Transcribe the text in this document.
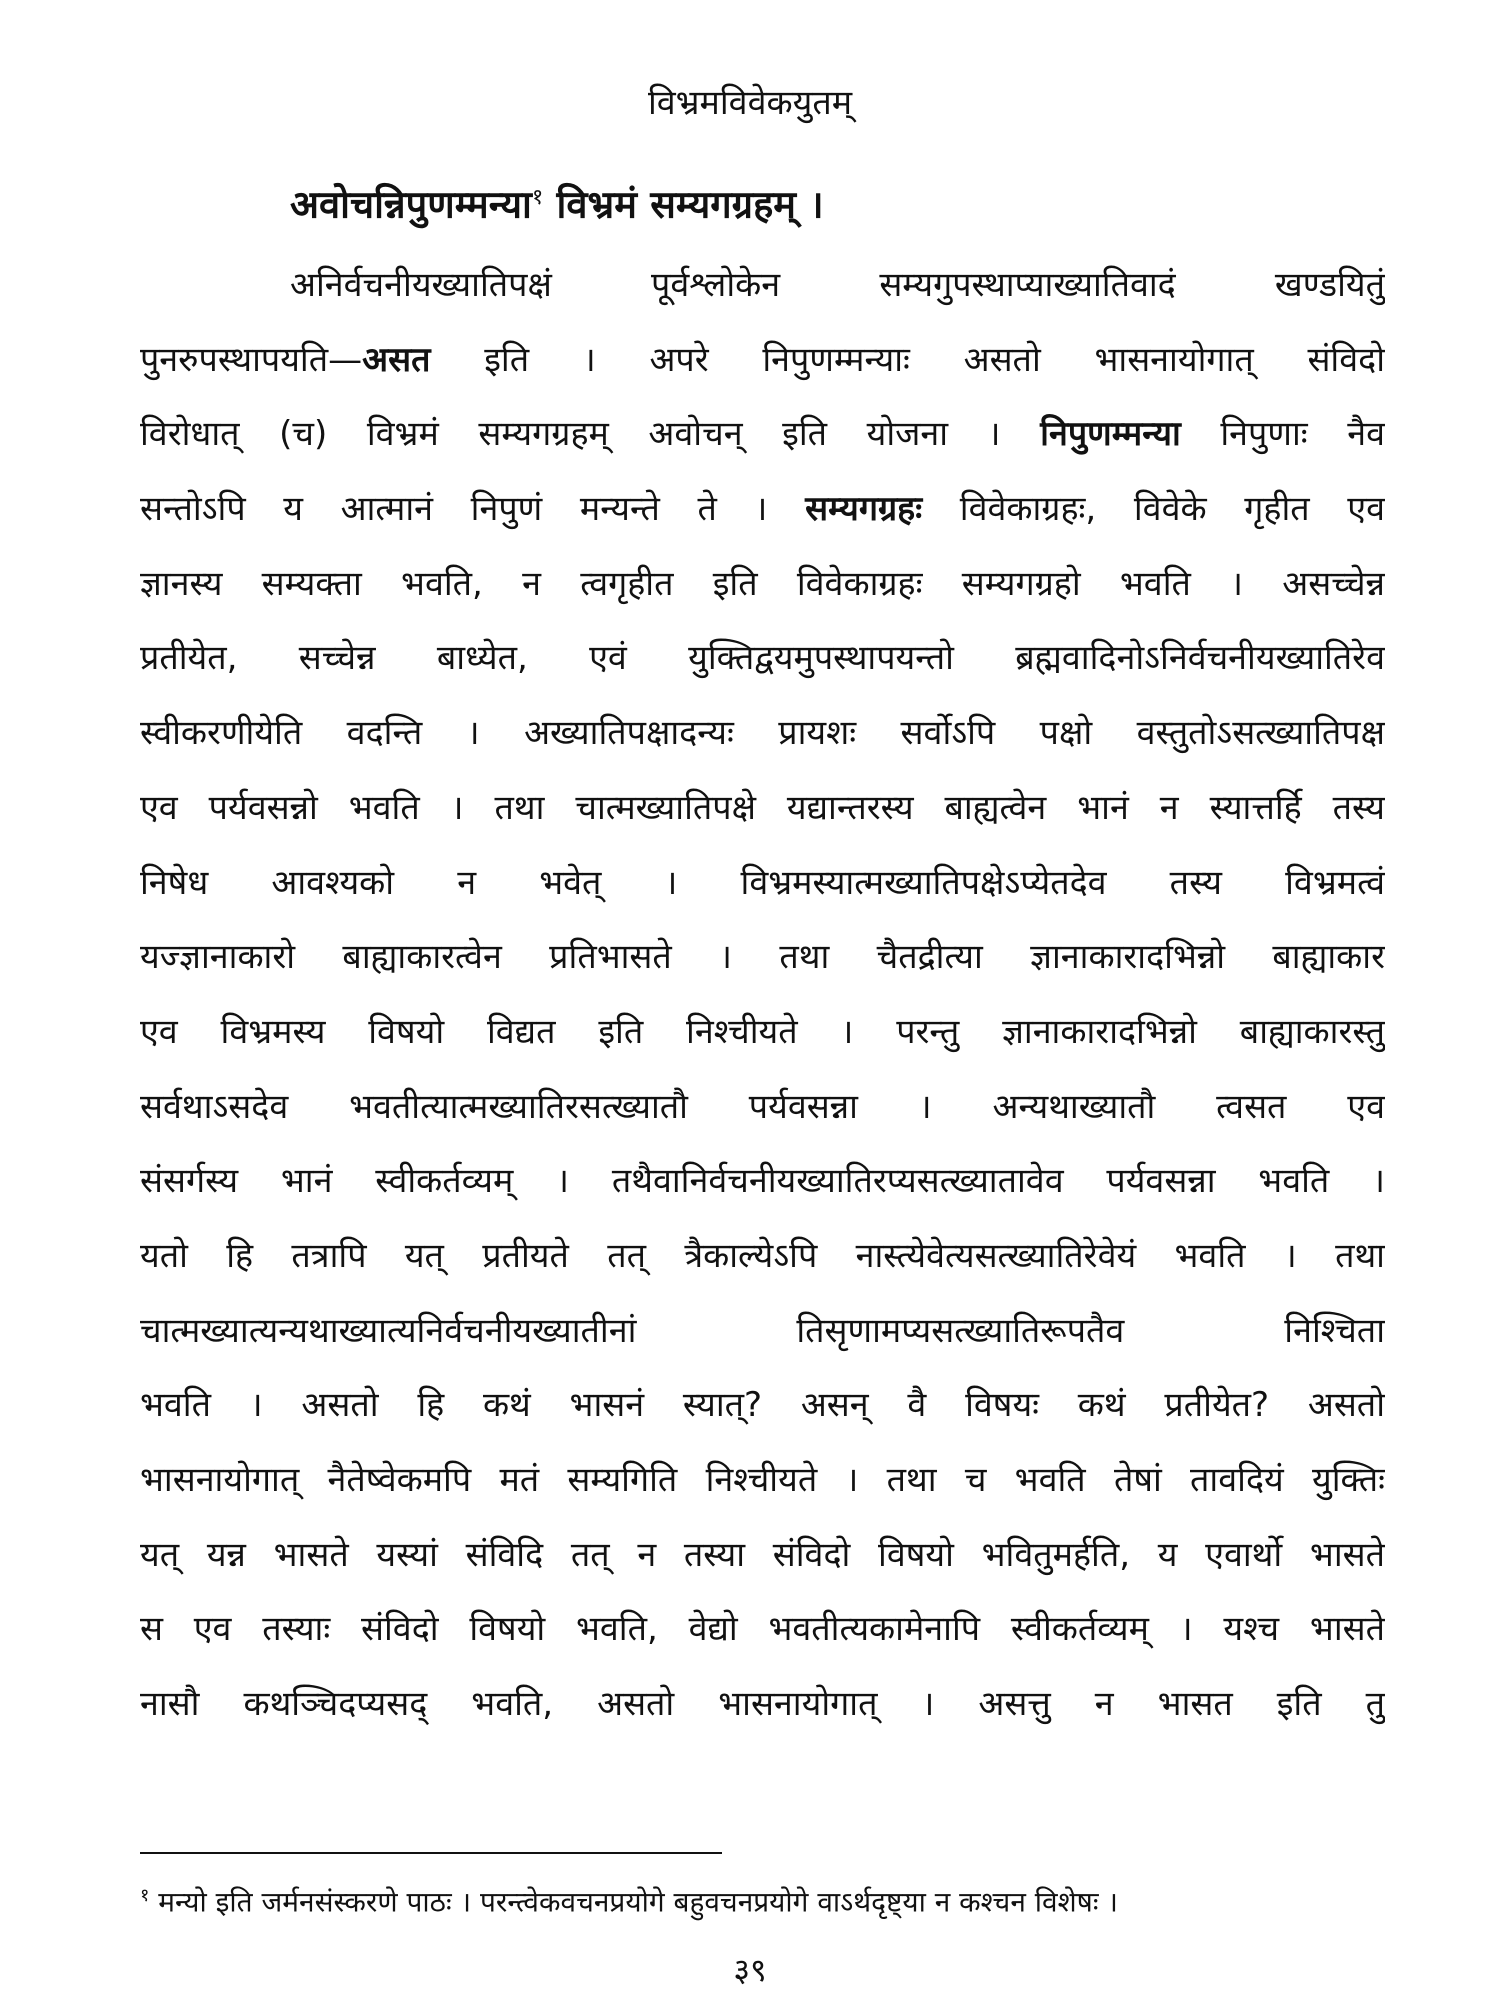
विभ्रमविवेकयुतम्
अवोचन्निपुणम्मन्या$^१$ विभ्रमं सम्यगग्रहम् ।
अनिर्वचनीयख्यातिपक्षं पूर्वश्लोकेन सम्यगुपस्थाप्याख्यातिवादं खण्डयितुं
पुनरुपस्थापयति—असत इति । अपरे निपुणम्मन्याः असतो भासनायोगात् संविदो
विरोधात् (च) विभ्रमं सम्यगग्रहम् अवोचन् इति योजना । निपुणम्मन्या निपुणाः नैव
सन्तोऽपि य आत्मानं निपुणं मन्यन्ते ते । सम्यगग्रहः विवेकाग्रहः, विवेके गृहीत एव
ज्ञानस्य सम्यक्ता भवति, न त्वगृहीत इति विवेकाग्रहः सम्यगग्रहो भवति । असच्चेन्न
प्रतीयेत, सच्चेन्न बाध्येत, एवं युक्तिद्वयमुपस्थापयन्तो ब्रह्मवादिनोऽनिर्वचनीयख्यातिरेव
स्वीकरणीयेति वदन्ति । अख्यातिपक्षादन्यः प्रायशः सर्वोऽपि पक्षो वस्तुतोऽसत्ख्यातिपक्ष
एव पर्यवसन्नो भवति । तथा चात्मख्यातिपक्षे यद्यान्तरस्य बाह्यत्वेन भानं न स्यात्तर्हि तस्य
निषेध आवश्यको न भवेत् । विभ्रमस्यात्मख्यातिपक्षेऽप्येतदेव तस्य विभ्रमत्वं
यज्ज्ञानाकारो बाह्याकारत्वेन प्रतिभासते । तथा चैतद्रीत्या ज्ञानाकारादभिन्नो बाह्याकार
एव विभ्रमस्य विषयो विद्यत इति निश्चीयते । परन्तु ज्ञानाकारादभिन्नो बाह्याकारस्तु
सर्वथाऽसदेव भवतीत्यात्मख्यातिरसत्ख्यातौ पर्यवसन्ना । अन्यथाख्यातौ त्वसत एव
संसर्गस्य भानं स्वीकर्तव्यम् । तथैवानिर्वचनीयख्यातिरप्यसत्ख्यातावेव पर्यवसन्ना भवति ।
यतो हि तत्रापि यत् प्रतीयते तत् त्रैकाल्येऽपि नास्त्येवेत्यसत्ख्यातिरेवेयं भवति । तथा
चात्मख्यात्यन्यथाख्यात्यनिर्वचनीयख्यातीनां तिसृणामप्यसत्ख्यातिरूपतैव निश्चिता
भवति । असतो हि कथं भासनं स्यात्? असन् वै विषयः कथं प्रतीयेत? असतो
भासनायोगात् नैतेष्वेकमपि मतं सम्यगिति निश्चीयते । तथा च भवति तेषां तावदियं युक्तिः
यत् यन्न भासते यस्यां संविदि तत् न तस्या संविदो विषयो भवितुमर्हति, य एवार्थो भासते
स एव तस्याः संविदो विषयो भवति, वेद्यो भवतीत्यकामेनापि स्वीकर्तव्यम् । यश्च भासते
नासौ कथञ्चिदप्यसद् भवति, असतो भासनायोगात् । असत्तु न भासत इति तु
$^१$ मन्यो इति जर्मनसंस्करणे पाठः । परन्त्वेकवचनप्रयोगे बहुवचनप्रयोगे वाऽर्थदृष्ट्या न कश्चन विशेषः ।
३९
